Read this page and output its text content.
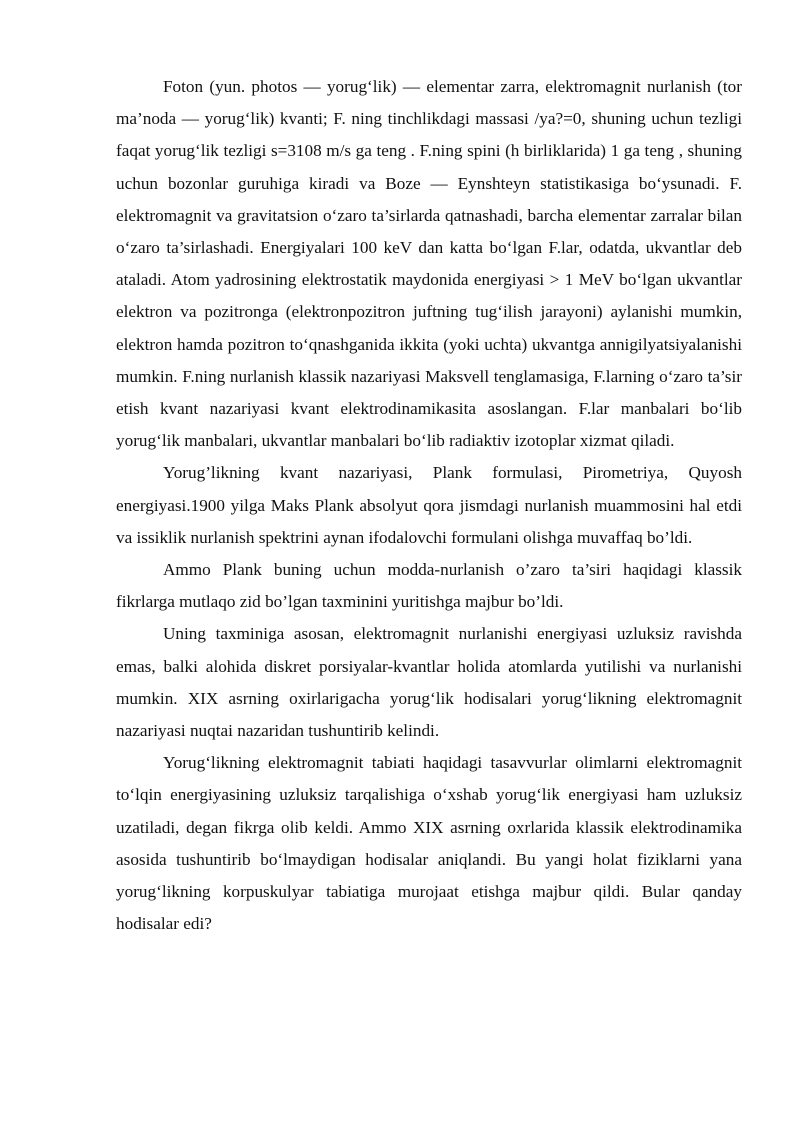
Foton (yun. photos — yorug‘lik) — elementar zarra, elektromagnit nurlanish (tor ma’noda — yorug‘lik) kvanti; F. ning tinchlikdagi massasi /ya?=0, shuning uchun tezligi faqat yorug‘lik tezligi s=3108 m/s ga teng . F.ning spini (h birliklarida) 1 ga teng , shuning uchun bozonlar guruhiga kiradi va Boze — Eynshteyn statistikasiga bo‘ysunadi. F. elektromagnit va gravitatsion o‘zaro ta’sirlarda qatnashadi, barcha elementar zarralar bilan o‘zaro ta’sirlashadi. Energiyalari 100 keV dan katta bo‘lgan F.lar, odatda, ukvantlar deb ataladi. Atom yadrosining elektrostatik maydonida energiyasi > 1 MeV bo‘lgan ukvantlar elektron va pozitronga (elektronpozitron juftning tug‘ilish jarayoni) aylanishi mumkin, elektron hamda pozitron to‘qnashganida ikkita (yoki uchta) ukvantga annigilyatsiyalanishi mumkin. F.ning nurlanish klassik nazariyasi Maksvell tenglamasiga, F.larning o‘zaro ta’sir etish kvant nazariyasi kvant elektrodinamikasita asoslangan. F.lar manbalari bo‘lib yorug‘lik manbalari, ukvantlar manbalari bo‘lib radiaktiv izotoplar xizmat qiladi.

Yorug’likning kvant nazariyasi, Plank formulasi, Pirometriya, Quyosh energiyasi.1900 yilga Maks Plank absolyut qora jismdagi nurlanish muammosini hal etdi va issiklik nurlanish spektrini aynan ifodalovchi formulani olishga muvaffaq bo’ldi.

Ammo Plank buning uchun modda-nurlanish o’zaro ta’siri haqidagi klassik fikrlarga mutlaqo zid bo’lgan taxminini yuritishga majbur bo’ldi.

Uning taxminiga asosan, elektromagnit nurlanishi energiyasi uzluksiz ravishda emas, balki alohida diskret porsiyalar-kvantlar holida atomlarda yutilishi va nurlanishi mumkin. XIX asrning oxirlarigacha yorug‘lik hodisalari yorug‘likning elektromagnit nazariyasi nuqtai nazaridan tushuntirib kelindi.

Yorug‘likning elektromagnit tabiati haqidagi tasavvurlar olimlarni elektromagnit to‘lqin energiyasining uzluksiz tarqalishiga o‘xshab yorug‘lik energiyasi ham uzluksiz uzatiladi, degan fikrga olib keldi. Ammo XIX asrning oxrlarida klassik elektrodinamika asosida tushuntirib bo‘lmaydigan hodisalar aniqlandi. Bu yangi holat fiziklarni yana yorug‘likning korpuskulyar tabiatiga murojaat etishga majbur qildi. Bular qanday hodisalar edi?
